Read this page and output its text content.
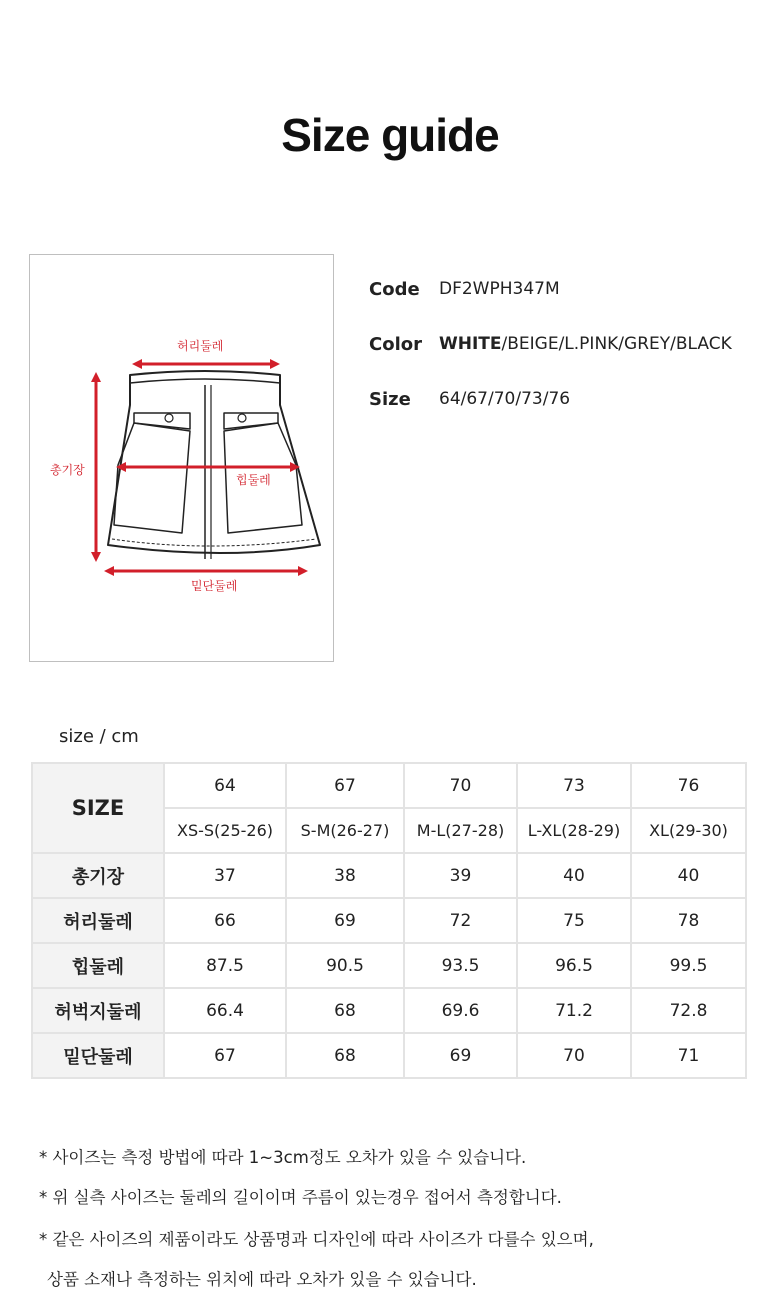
Size guide
허리둘레
총기장
힙둘레
밑단둘레
Code DF2WPH347M
Color WHITE/BEIGE/L.PINK/GREY/BLACK
Size 64/67/70/73/76
size / cm
SIZE	64	67	70	73	76
	XS-S(25-26)	S-M(26-27)	M-L(27-28)	L-XL(28-29)	XL(29-30)
총기장	37	38	39	40	40
허리둘레	66	69	72	75	78
힙둘레	87.5	90.5	93.5	96.5	99.5
허벅지둘레	66.4	68	69.6	71.2	72.8
밑단둘레	67	68	69	70	71
* 사이즈는 측정 방법에 따라 1~3cm정도 오차가 있을 수 있습니다.
* 위 실측 사이즈는 둘레의 길이이며 주름이 있는경우 접어서 측정합니다.
* 같은 사이즈의 제품이라도 상품명과 디자인에 따라 사이즈가 다를수 있으며,
상품 소재나 측정하는 위치에 따라 오차가 있을 수 있습니다.
